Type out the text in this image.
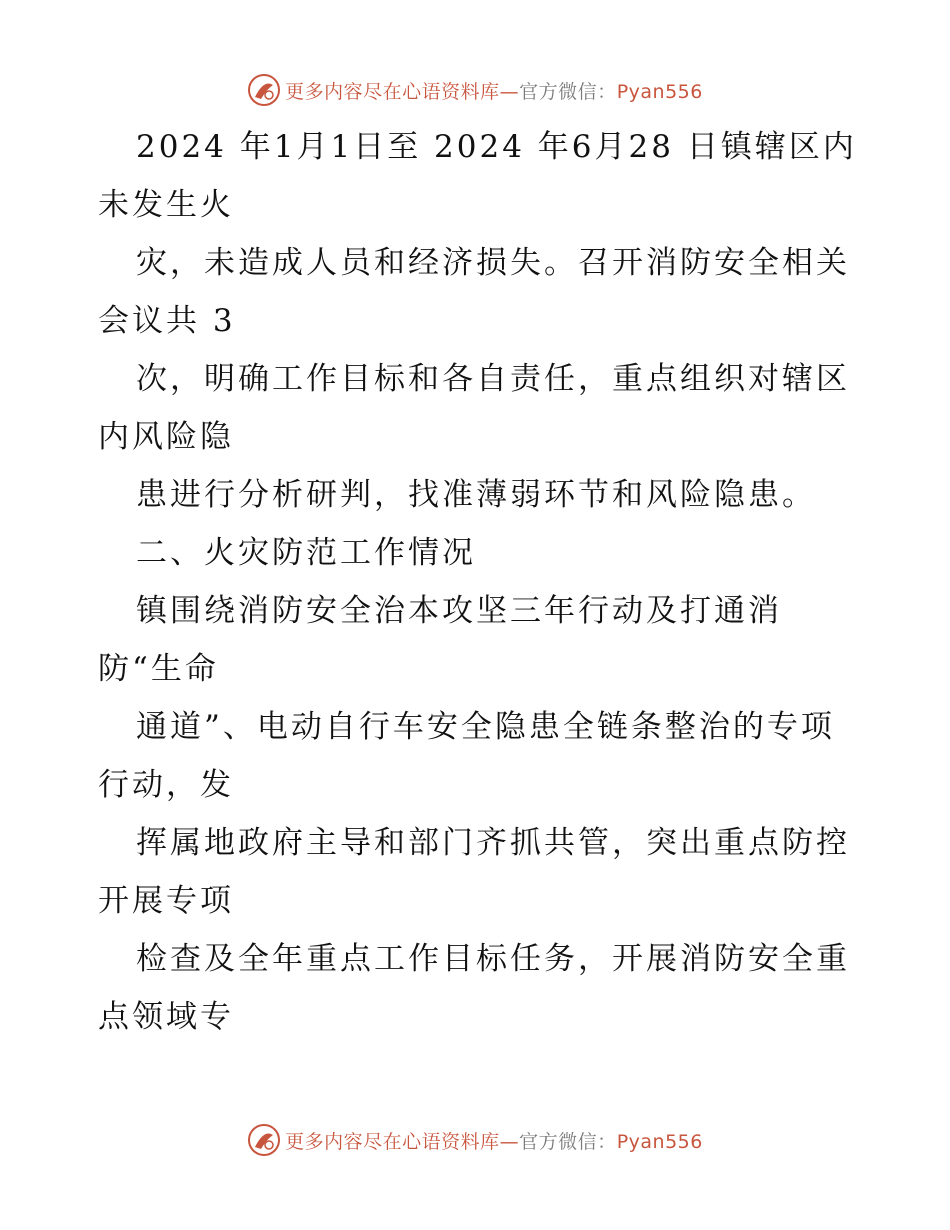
更多内容尽在心语资料库—官方微信：Pyan556
2024 年1月1日至 2024 年6月28 日镇辖区内
未发生火
灾，未造成人员和经济损失。召开消防安全相关
会议共 3
次，明确工作目标和各自责任，重点组织对辖区
内风险隐
患进行分析研判，找准薄弱环节和风险隐患。
二、火灾防范工作情况
镇围绕消防安全治本攻坚三年行动及打通消
防“生命
通道”、电动自行车安全隐患全链条整治的专项
行动，发
挥属地政府主导和部门齐抓共管，突出重点防控
开展专项
检查及全年重点工作目标任务，开展消防安全重
点领域专
更多内容尽在心语资料库—官方微信：Pyan556
